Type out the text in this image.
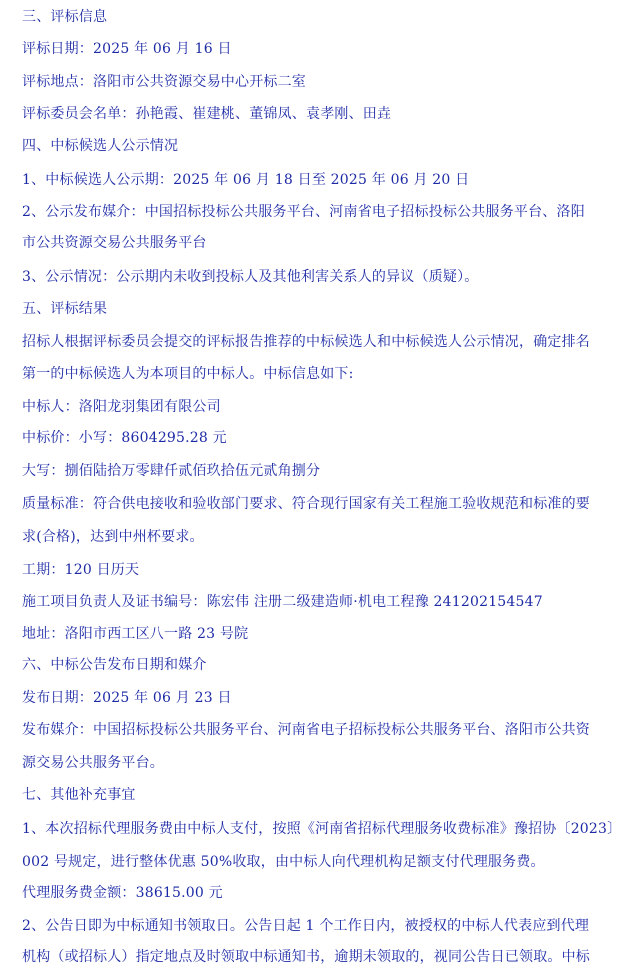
三、评标信息
评标日期：2025 年 06 月 16 日
评标地点：洛阳市公共资源交易中心开标二室
评标委员会名单：孙艳霞、崔建桃、董锦凤、袁孝刚、田垚
四、中标候选人公示情况
1、中标候选人公示期：2025 年 06 月 18 日至 2025 年 06 月 20 日
2、公示发布媒介：中国招标投标公共服务平台、河南省电子招标投标公共服务平台、洛阳
市公共资源交易公共服务平台
3、公示情况：公示期内未收到投标人及其他利害关系人的异议（质疑）。
五、评标结果
招标人根据评标委员会提交的评标报告推荐的中标候选人和中标候选人公示情况，确定排名
第一的中标候选人为本项目的中标人。中标信息如下:
中标人：洛阳龙羽集团有限公司
中标价：小写：8604295.28 元
大写：捌佰陆拾万零肆仟贰佰玖拾伍元贰角捌分
质量标准：符合供电接收和验收部门要求、符合现行国家有关工程施工验收规范和标准的要
求(合格)，达到中州杯要求。
工期：120 日历天
施工项目负责人及证书编号：陈宏伟 注册二级建造师·机电工程豫 241202154547
地址：洛阳市西工区八一路 23 号院
六、中标公告发布日期和媒介
发布日期：2025 年 06 月 23 日
发布媒介：中国招标投标公共服务平台、河南省电子招标投标公共服务平台、洛阳市公共资
源交易公共服务平台。
七、其他补充事宜
1、本次招标代理服务费由中标人支付，按照《河南省招标代理服务收费标准》豫招协〔2023〕
002 号规定，进行整体优惠 50%收取，由中标人向代理机构足额支付代理服务费。
代理服务费金额：38615.00 元
2、公告日即为中标通知书领取日。公告日起 1 个工作日内，被授权的中标人代表应到代理
机构（或招标人）指定地点及时领取中标通知书，逾期未领取的，视同公告日已领取。中标
